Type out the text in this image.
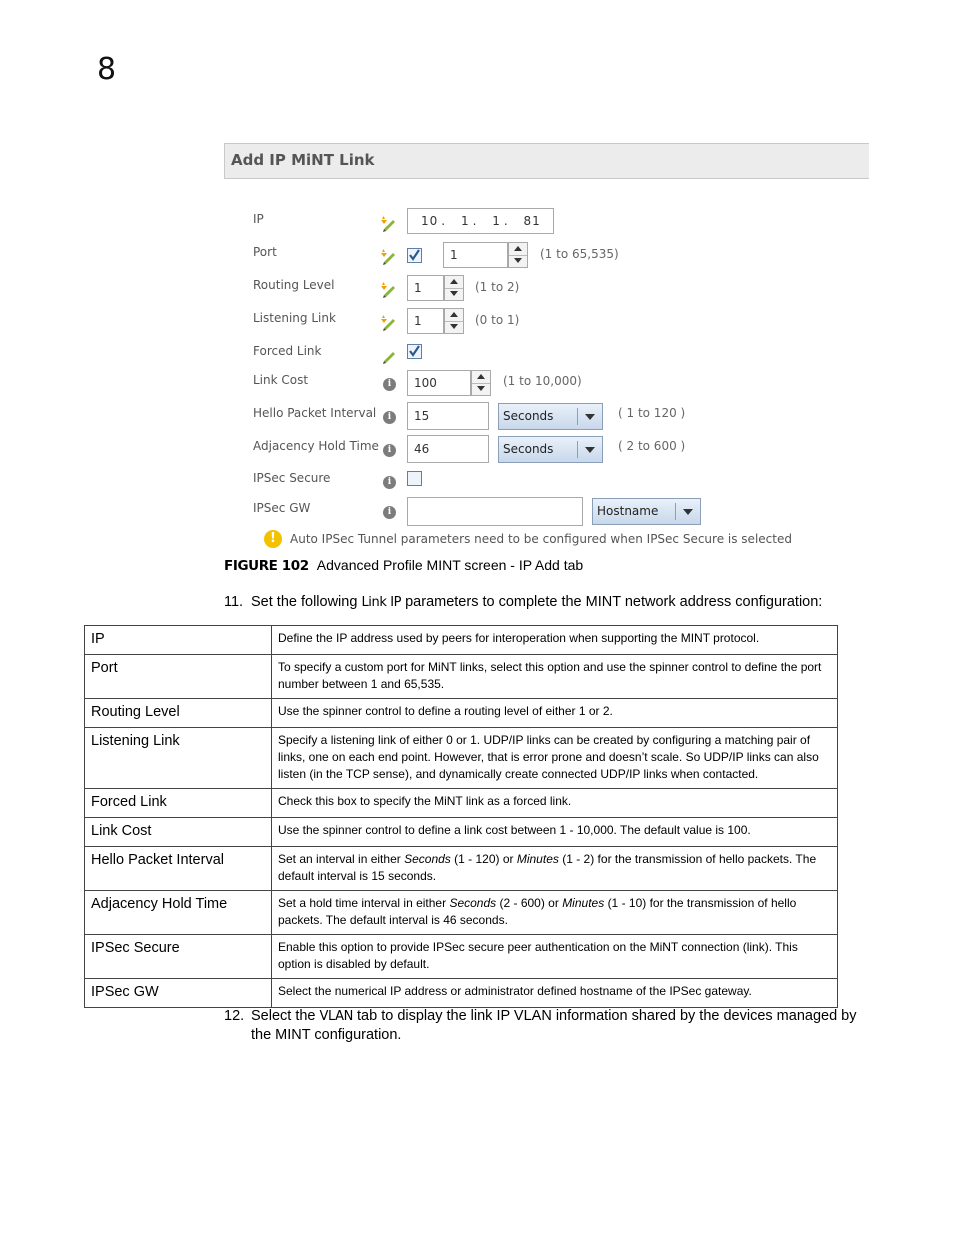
8
Add IP MiNT Link
IP	10 . 1 . 1 . 81
Port	1	(1 to 65,535)
Routing Level	1	(1 to 2)
Listening Link	1	(0 to 1)
Forced Link
Link Cost	i	100	(1 to 10,000)
Hello Packet Interval	i	15	Seconds	( 1 to 120 )
Adjacency Hold Time i	46	Seconds	( 2 to 600 )
IPSec Secure	i
IPSec GW	i	Hostname
!	Auto IPSec Tunnel parameters need to be configured when IPSec Secure is selected
FIGURE 102 Advanced Profile MINT screen - IP Add tab
11. Set the following Link IP parameters to complete the MINT network address configuration:
IP	Define the IP address used by peers for interoperation when supporting the MINT protocol.
Port	To specify a custom port for MiNT links, select this option and use the spinner control to define the port number between 1 and 65,535.
Routing Level	Use the spinner control to define a routing level of either 1 or 2.
Listening Link	Specify a listening link of either 0 or 1. UDP/IP links can be created by configuring a matching pair of links, one on each end point. However, that is error prone and doesn’t scale. So UDP/IP links can also listen (in the TCP sense), and dynamically create connected UDP/IP links when contacted.
Forced Link	Check this box to specify the MiNT link as a forced link.
Link Cost	Use the spinner control to define a link cost between 1 - 10,000. The default value is 100.
Hello Packet Interval	Set an interval in either Seconds (1 - 120) or Minutes (1 - 2) for the transmission of hello packets. The default interval is 15 seconds.
Adjacency Hold Time	Set a hold time interval in either Seconds (2 - 600) or Minutes (1 - 10) for the transmission of hello packets. The default interval is 46 seconds.
IPSec Secure	Enable this option to provide IPSec secure peer authentication on the MiNT connection (link). This option is disabled by default.
IPSec GW	Select the numerical IP address or administrator defined hostname of the IPSec gateway.
12. Select the VLAN tab to display the link IP VLAN information shared by the devices managed by
the MINT configuration.
